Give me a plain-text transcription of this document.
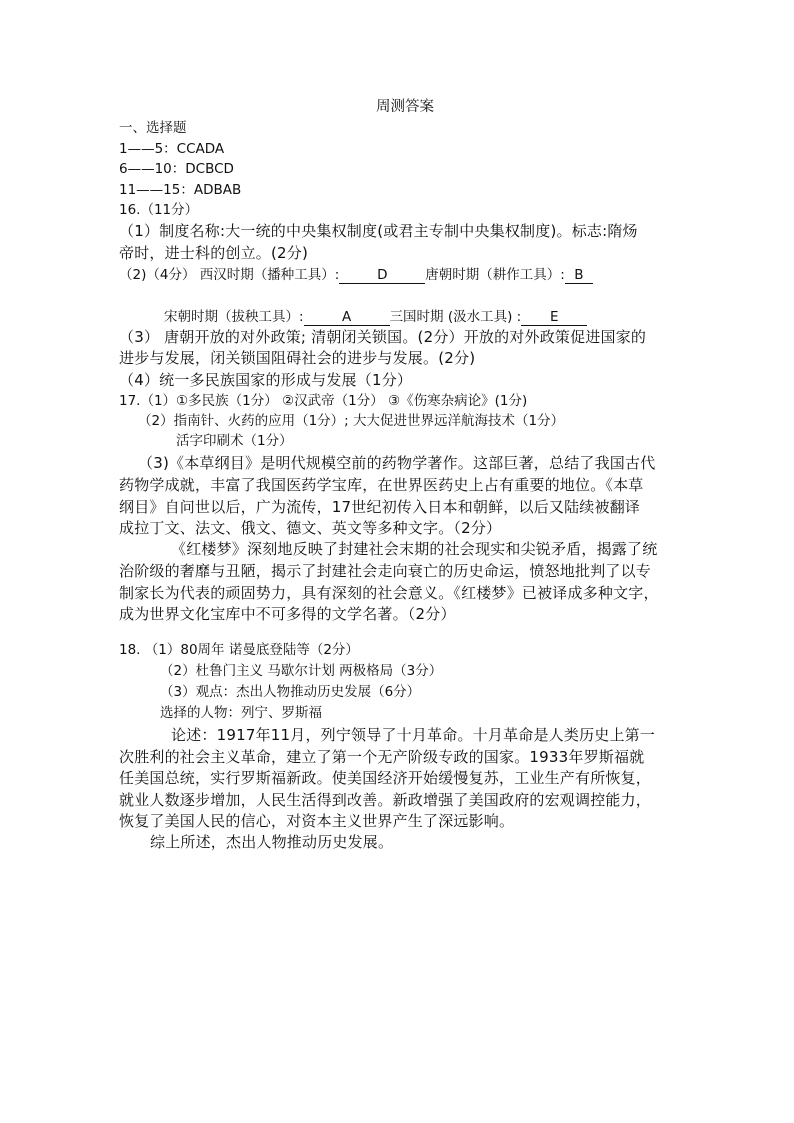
周测答案
一、选择题
1——5：CCADA
6——10：DCBCD
11——15：ADBAB
16.（11分）
（1）制度名称:大一统的中央集权制度(或君主专制中央集权制度)。标志:隋炀
帝时，进士科的创立。(2分)
（2)（4分） 西汉时期（播种工具）:	D	唐朝时期（耕作工具）: B
宋朝时期（拔秧工具）:	A	三国时期 (汲水工具) : E
（3） 唐朝开放的对外政策; 清朝闭关锁国。(2分）开放的对外政策促进国家的
进步与发展，闭关锁国阻碍社会的进步与发展。(2分)
（4）统一多民族国家的形成与发展（1分）
17.（1）①多民族（1分） ②汉武帝（1分） ③《伤寒杂病论》(1分)
（2）指南针、火药的应用（1分）; 大大促进世界远洋航海技术（1分）
活字印刷术（1分）
（3)《本草纲目》是明代规模空前的药物学著作。这部巨著，总结了我国古代
药物学成就，丰富了我国医药学宝库，在世界医药史上占有重要的地位。《本草
纲目》自问世以后，广为流传，17世纪初传入日本和朝鲜，以后又陆续被翻译
成拉丁文、法文、俄文、德文、英文等多种文字。（2分）
《红楼梦》深刻地反映了封建社会末期的社会现实和尖锐矛盾，揭露了统
治阶级的奢靡与丑陋，揭示了封建社会走向衰亡的历史命运，愤怒地批判了以专
制家长为代表的顽固势力，具有深刻的社会意义。《红楼梦》已被译成多种文字，
成为世界文化宝库中不可多得的文学名著。（2分）
18. （1）80周年 诺曼底登陆等（2分）
（2）杜鲁门主义 马歇尔计划 两极格局（3分）
（3）观点：杰出人物推动历史发展（6分）
选择的人物：列宁、罗斯福
论述：1917年11月，列宁领导了十月革命。十月革命是人类历史上第一
次胜利的社会主义革命，建立了第一个无产阶级专政的国家。1933年罗斯福就
任美国总统，实行罗斯福新政。使美国经济开始缓慢复苏，工业生产有所恢复，
就业人数逐步增加，人民生活得到改善。新政增强了美国政府的宏观调控能力，
恢复了美国人民的信心，对资本主义世界产生了深远影响。
综上所述，杰出人物推动历史发展。
